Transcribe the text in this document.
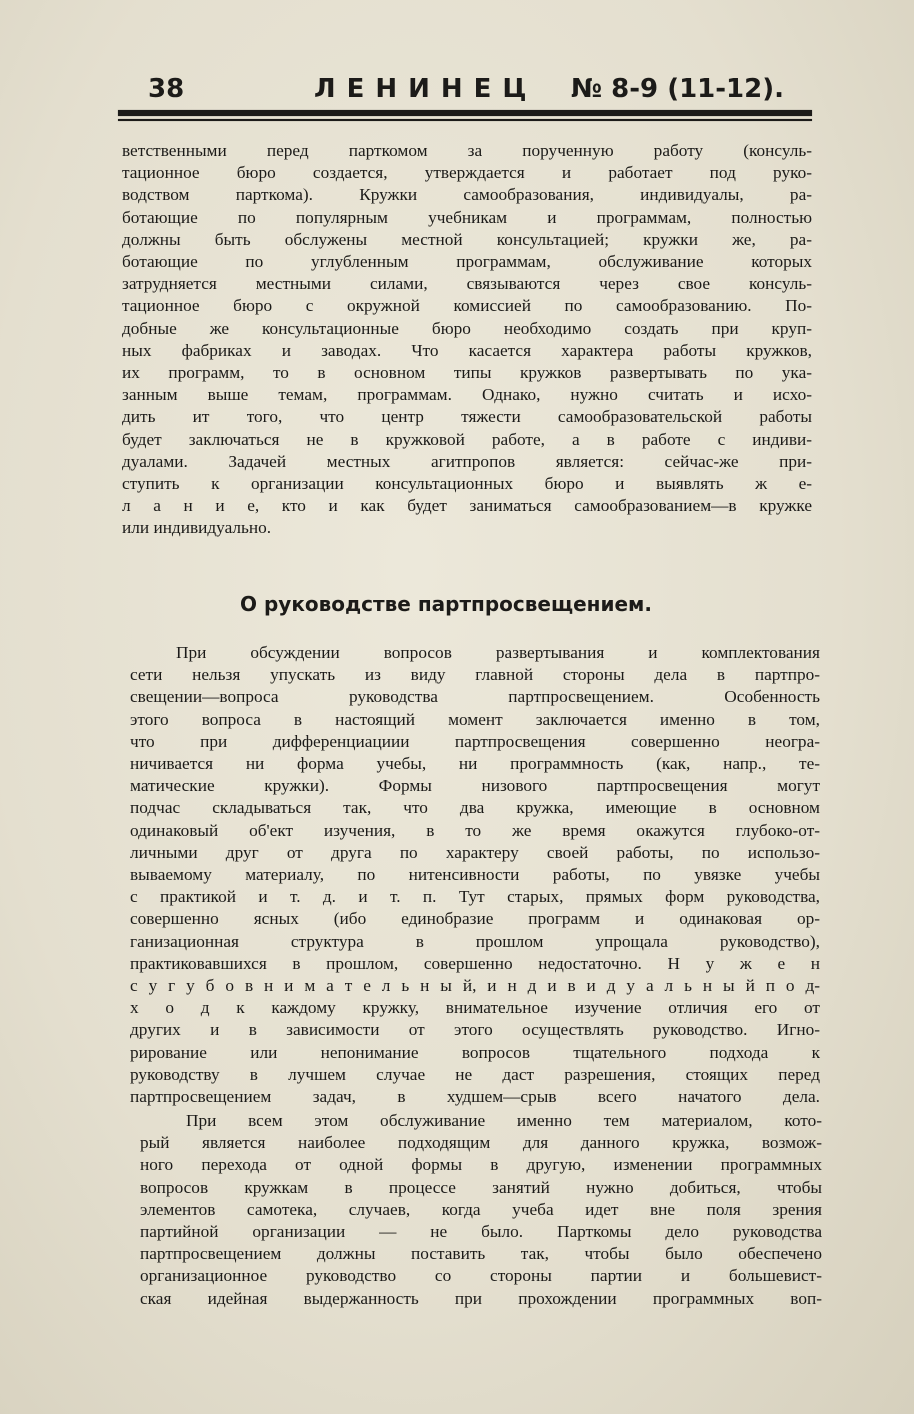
38	ЛЕНИНЕЦ № 8-9 (11-12).

ветственными перед парткомом за порученную работу (консуль-
тационное бюро создается, утверждается и работает под руко-
водством парткома). Кружки самообразования, индивидуалы, ра-
ботающие по популярным учебникам и программам, полностью
должны быть обслужены местной консультацией; кружки же, ра-
ботающие по углубленным программам, обслуживание которых
затрудняется местными силами, связываются через свое консуль-
тационное бюро с окружной комиссией по самообразованию. По-
добные же консультационные бюро необходимо создать при круп-
ных фабриках и заводах. Что касается характера работы кружков,
их программ, то в основном типы кружков развертывать по ука-
занным выше темам, программам. Однако, нужно считать и исхо-
дить ит того, что центр тяжести самообразовательской работы
будет заключаться не в кружковой работе, а в работе с индиви-
дуалами. Задачей местных агитпропов является: сейчас-же при-
ступить к организации консультационных бюро и выявлять ж е-
л а н и е, кто и как будет заниматься самообразованием—в кружке
или индивидуально.

О руководстве партпросвещением.

При обсуждении вопросов развертывания и комплектования
сети нельзя упускать из виду главной стороны дела в партпро-
свещении—вопроса руководства партпросвещением. Особенность
этого вопроса в настоящий момент заключается именно в том,
что при дифференциациии партпросвещения совершенно неогра-
ничивается ни форма учебы, ни программность (как, напр., те-
матические кружки). Формы низового партпросвещения могут
подчас складываться так, что два кружка, имеющие в основном
одинаковый об'ект изучения, в то же время окажутся глубоко-от-
личными друг от друга по характеру своей работы, по использо-
вываемому материалу, по нитенсивности работы, по увязке учебы
с практикой и т. д. и т. п. Тут старых, прямых форм руководства,
совершенно ясных (ибо единобразие программ и одинаковая ор-
ганизационная структура в прошлом упрощала руководство),
практиковавшихся в прошлом, совершенно недостаточно. Н у ж е н
с у г у б о в н и м а т е л ь н ы й, и н д и в и д у а л ь н ы й п о д-
х о д к каждому кружку, внимательное изучение отличия его от
других и в зависимости от этого осуществлять руководство. Игно-
рирование или непонимание вопросов тщательного подхода к
руководству в лучшем случае не даст разрешения, стоящих перед
партпросвещением задач, в худшем—срыв всего начатого дела.

При всем этом обслуживание именно тем материалом, кото-
рый является наиболее подходящим для данного кружка, возмож-
ного перехода от одной формы в другую, изменении программных
вопросов кружкам в процессе занятий нужно добиться, чтобы
элементов самотека, случаев, когда учеба идет вне поля зрения
партийной организации — не было. Парткомы дело руководства
партпросвещением должны поставить так, чтобы было обеспечено
организационное руководство со стороны партии и большевист-
ская идейная выдержанность при прохождении программных воп-
